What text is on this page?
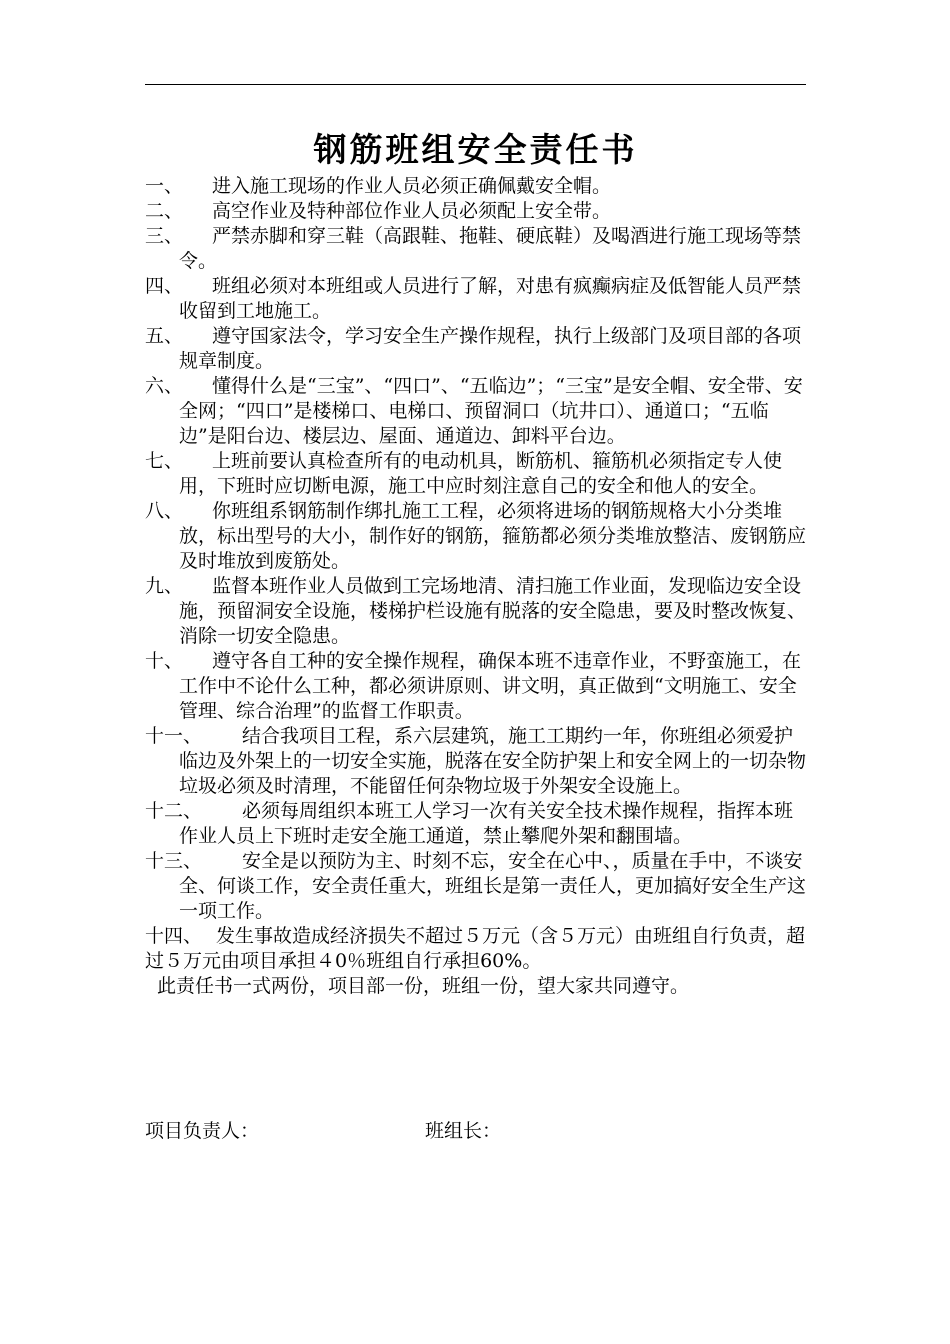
钢筋班组安全责任书
一、 进入施工现场的作业人员必须正确佩戴安全帽。
二、 高空作业及特种部位作业人员必须配上安全带。
三、 严禁赤脚和穿三鞋（高跟鞋、拖鞋、硬底鞋）及喝酒进行施工现场等禁令。
四、 班组必须对本班组或人员进行了解，对患有疯癫病症及低智能人员严禁收留到工地施工。
五、 遵守国家法令，学习安全生产操作规程，执行上级部门及项目部的各项规章制度。
六、 懂得什么是“三宝”、“四口”、“五临边”；“三宝”是安全帽、安全带、安全网；“四口”是楼梯口、电梯口、预留洞口（坑井口）、通道口；“五临边”是阳台边、楼层边、屋面、通道边、卸料平台边。
七、 上班前要认真检查所有的电动机具，断筋机、箍筋机必须指定专人使用，下班时应切断电源，施工中应时刻注意自己的安全和他人的安全。
八、 你班组系钢筋制作绑扎施工工程，必须将进场的钢筋规格大小分类堆放，标出型号的大小，制作好的钢筋，箍筋都必须分类堆放整洁、废钢筋应及时堆放到废筋处。
九、 监督本班作业人员做到工完场地清、清扫施工作业面，发现临边安全设施，预留洞安全设施，楼梯护栏设施有脱落的安全隐患，要及时整改恢复、消除一切安全隐患。
十、 遵守各自工种的安全操作规程，确保本班不违章作业，不野蛮施工，在工作中不论什么工种，都必须讲原则、讲文明，真正做到“文明施工、安全管理、综合治理”的监督工作职责。
十一、 结合我项目工程，系六层建筑，施工工期约一年，你班组必须爱护临边及外架上的一切安全实施，脱落在安全防护架上和安全网上的一切杂物垃圾必须及时清理，不能留任何杂物垃圾于外架安全设施上。
十二、 必须每周组织本班工人学习一次有关安全技术操作规程，指挥本班作业人员上下班时走安全施工通道，禁止攀爬外架和翻围墙。
十三、 安全是以预防为主、时刻不忘，安全在心中、，质量在手中，不谈安全、何谈工作，安全责任重大，班组长是第一责任人，更加搞好安全生产这一项工作。
十四、 发生事故造成经济损失不超过５万元（含５万元）由班组自行负责，超过５万元由项目承担４0％班组自行承担60%。
此责任书一式两份，项目部一份，班组一份，望大家共同遵守。
项目负责人：	班组长：
